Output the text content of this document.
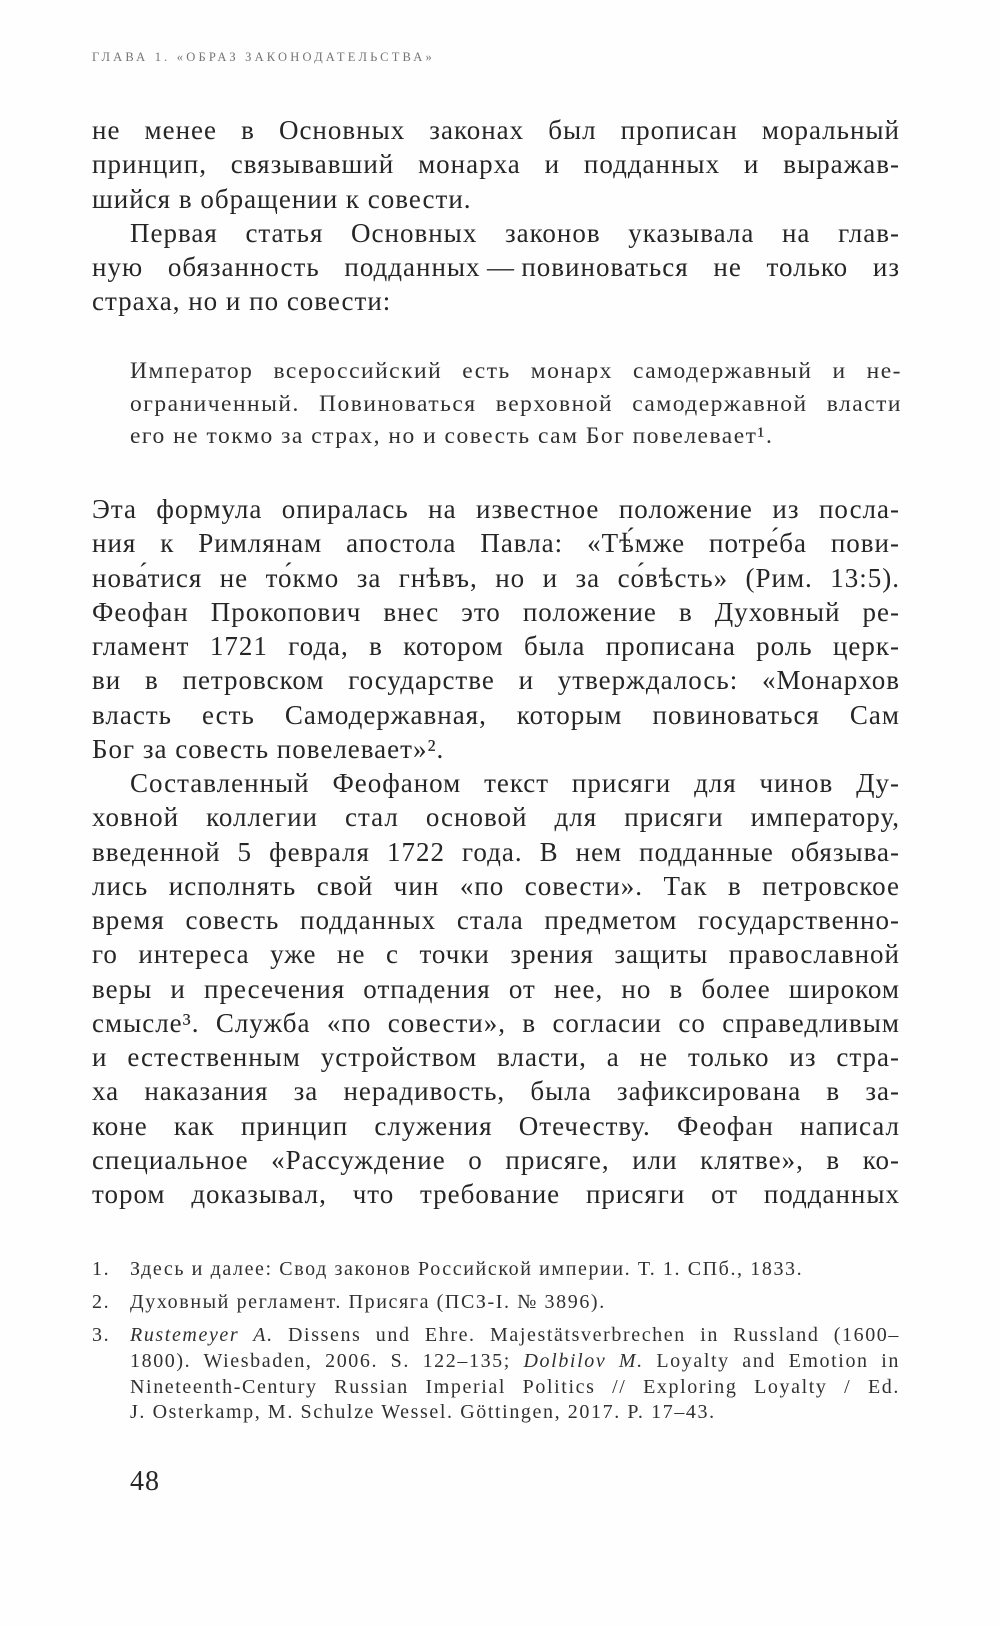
ГЛАВА 1. «ОБРАЗ ЗАКОНОДАТЕЛЬСТВА»
не менее в Основных законах был прописан моральный
принцип, связывавший монарха и подданных и выражав-
шийся в обращении к совести.
Первая статья Основных законов указывала на глав-
ную обязанность подданных — повиноваться не только из
страха, но и по совести:
Император всероссийский есть монарх самодержавный и не-
ограниченный. Повиноваться верховной самодержавной власти
его не токмо за страх, но и совесть сам Бог повелевает¹.
Эта формула опиралась на известное положение из посла-
ния к Римлянам апостола Павла: «Тѣ́мже потре́ба пови-
нова́тися не то́кмо за гнѣвъ, но и за со́вѣсть» (Рим. 13:5).
Феофан Прокопович внес это положение в Духовный ре-
гламент 1721 года, в котором была прописана роль церк-
ви в петровском государстве и утверждалось: «Монархов
власть есть Самодержавная, которым повиноваться Сам
Бог за совесть повелевает»².
Составленный Феофаном текст присяги для чинов Ду-
ховной коллегии стал основой для присяги императору,
введенной 5 февраля 1722 года. В нем подданные обязыва-
лись исполнять свой чин «по совести». Так в петровское
время совесть подданных стала предметом государственно-
го интереса уже не с точки зрения защиты православной
веры и пресечения отпадения от нее, но в более широком
смысле³. Служба «по совести», в согласии со справедливым
и естественным устройством власти, а не только из стра-
ха наказания за нерадивость, была зафиксирована в за-
коне как принцип служения Отечеству. Феофан написал
специальное «Рассуждение о присяге, или клятве», в ко-
тором доказывал, что требование присяги от подданных
1. Здесь и далее: Свод законов Российской империи. Т. 1. СПб., 1833.
2. Духовный регламент. Присяга (ПСЗ-I. № 3896).
3. Rustemeyer A. Dissens und Ehre. Majestätsverbrechen in Russland (1600–
1800). Wiesbaden, 2006. S. 122–135; Dolbilov M. Loyalty and Emotion in
Nineteenth-Century Russian Imperial Politics // Exploring Loyalty / Ed.
J. Osterkamp, M. Schulze Wessel. Göttingen, 2017. P. 17–43.
48
